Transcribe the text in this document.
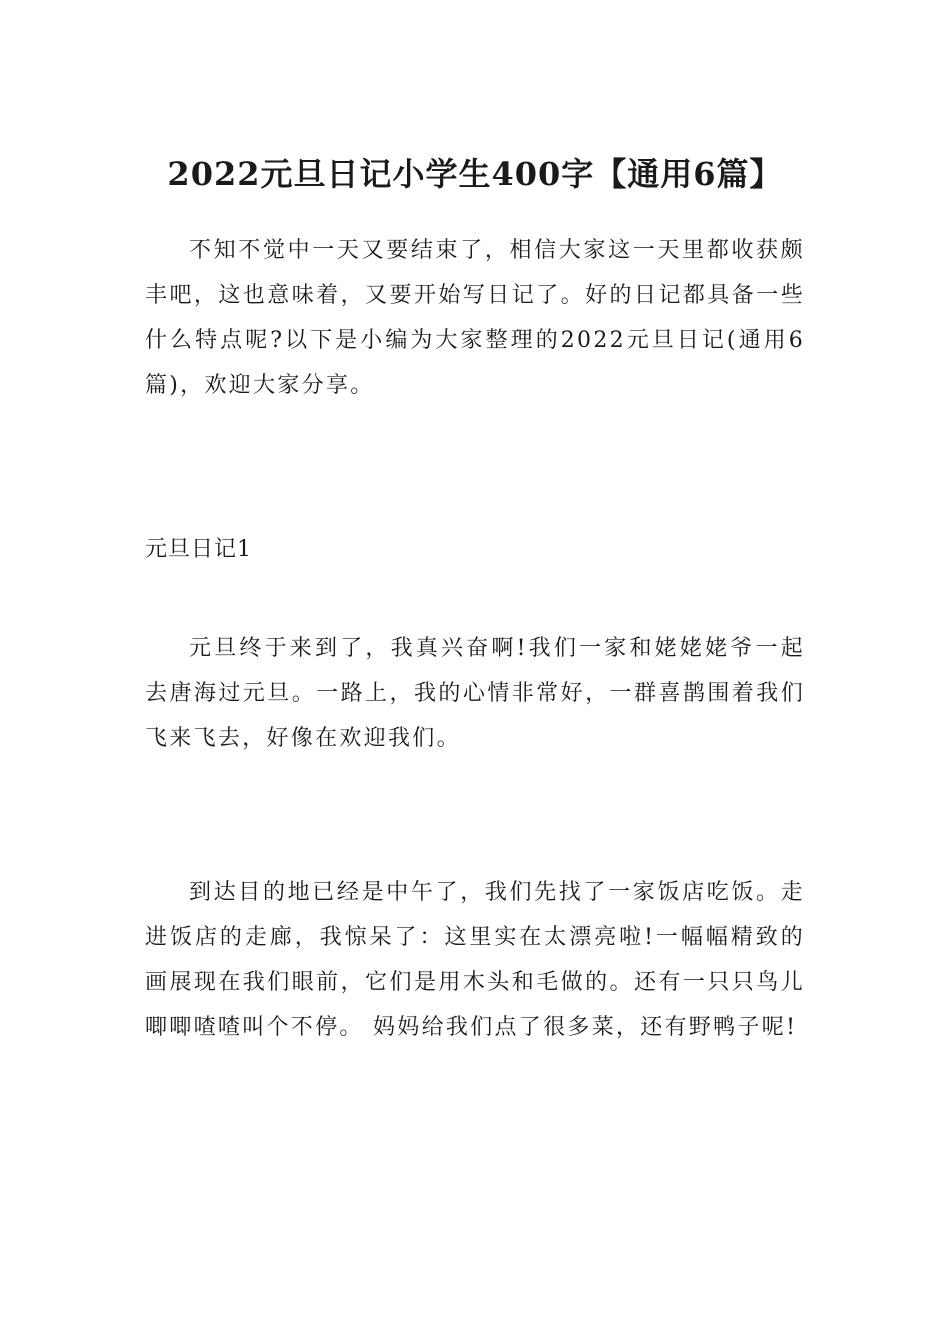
2022元旦日记小学生400字【通用6篇】

不知不觉中一天又要结束了，相信大家这一天里都收获颇丰吧，这也意味着，又要开始写日记了。好的日记都具备一些什么特点呢?以下是小编为大家整理的2022元旦日记(通用6篇)，欢迎大家分享。

元旦日记1

元旦终于来到了，我真兴奋啊!我们一家和姥姥姥爷一起去唐海过元旦。一路上，我的心情非常好，一群喜鹊围着我们飞来飞去，好像在欢迎我们。

到达目的地已经是中午了，我们先找了一家饭店吃饭。走进饭店的走廊，我惊呆了：这里实在太漂亮啦!一幅幅精致的画展现在我们眼前，它们是用木头和毛做的。还有一只只鸟儿唧唧喳喳叫个不停。 妈妈给我们点了很多菜，还有野鸭子呢!
